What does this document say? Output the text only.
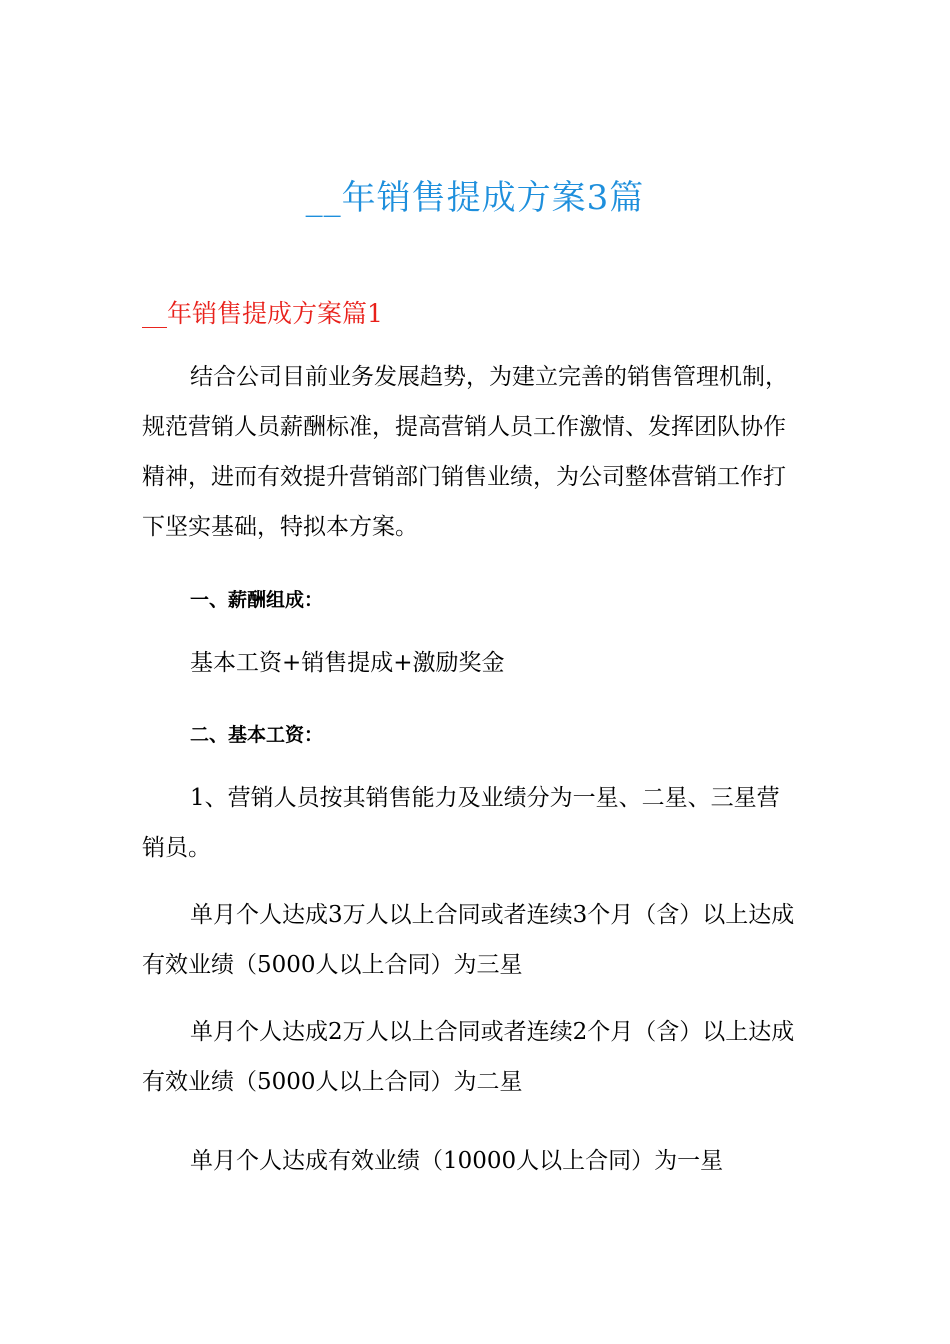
__年销售提成方案3篇
__年销售提成方案篇1

结合公司目前业务发展趋势，为建立完善的销售管理机制，规范营销人员薪酬标准，提高营销人员工作激情、发挥团队协作精神，进而有效提升营销部门销售业绩，为公司整体营销工作打下坚实基础，特拟本方案。

一、薪酬组成：
基本工资+销售提成+激励奖金
二、基本工资：

1、营销人员按其销售能力及业绩分为一星、二星、三星营销员。

单月个人达成3万人以上合同或者连续3个月（含）以上达成有效业绩（5000人以上合同）为三星

单月个人达成2万人以上合同或者连续2个月（含）以上达成有效业绩（5000人以上合同）为二星

单月个人达成有效业绩（10000人以上合同）为一星
